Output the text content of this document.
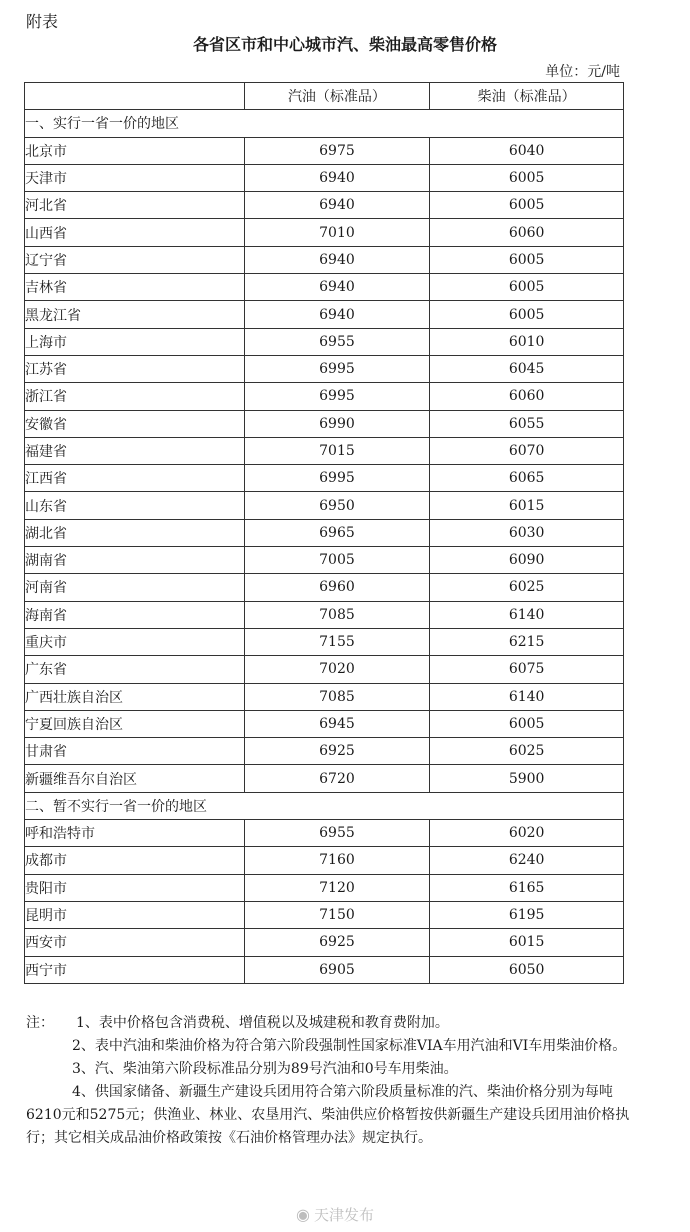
附表
各省区市和中心城市汽、柴油最高零售价格
单位：元/吨
	汽油（标准品）	柴油（标准品）
一、实行一省一价的地区		
北京市	6975	6040
天津市	6940	6005
河北省	6940	6005
山西省	7010	6060
辽宁省	6940	6005
吉林省	6940	6005
黑龙江省	6940	6005
上海市	6955	6010
江苏省	6995	6045
浙江省	6995	6060
安徽省	6990	6055
福建省	7015	6070
江西省	6995	6065
山东省	6950	6015
湖北省	6965	6030
湖南省	7005	6090
河南省	6960	6025
海南省	7085	6140
重庆市	7155	6215
广东省	7020	6075
广西壮族自治区	7085	6140
宁夏回族自治区	6945	6005
甘肃省	6925	6025
新疆维吾尔自治区	6720	5900
二、暂不实行一省一价的地区		
呼和浩特市	6955	6020
成都市	7160	6240
贵阳市	7120	6165
昆明市	7150	6195
西安市	6925	6015
西宁市	6905	6050

注： 1、表中价格包含消费税、增值税以及城建税和教育费附加。

2、表中汽油和柴油价格为符合第六阶段强制性国家标准VIA车用汽油和VI车用柴油价格。

3、汽、柴油第六阶段标准品分别为89号汽油和0号车用柴油。

4、供国家储备、新疆生产建设兵团用符合第六阶段质量标准的汽、柴油价格分别为每吨6210元和5275元；供渔业、林业、农垦用汽、柴油供应价格暂按供新疆生产建设兵团用油价格执行；其它相关成品油价格政策按《石油价格管理办法》规定执行。

◉ 天津发布
